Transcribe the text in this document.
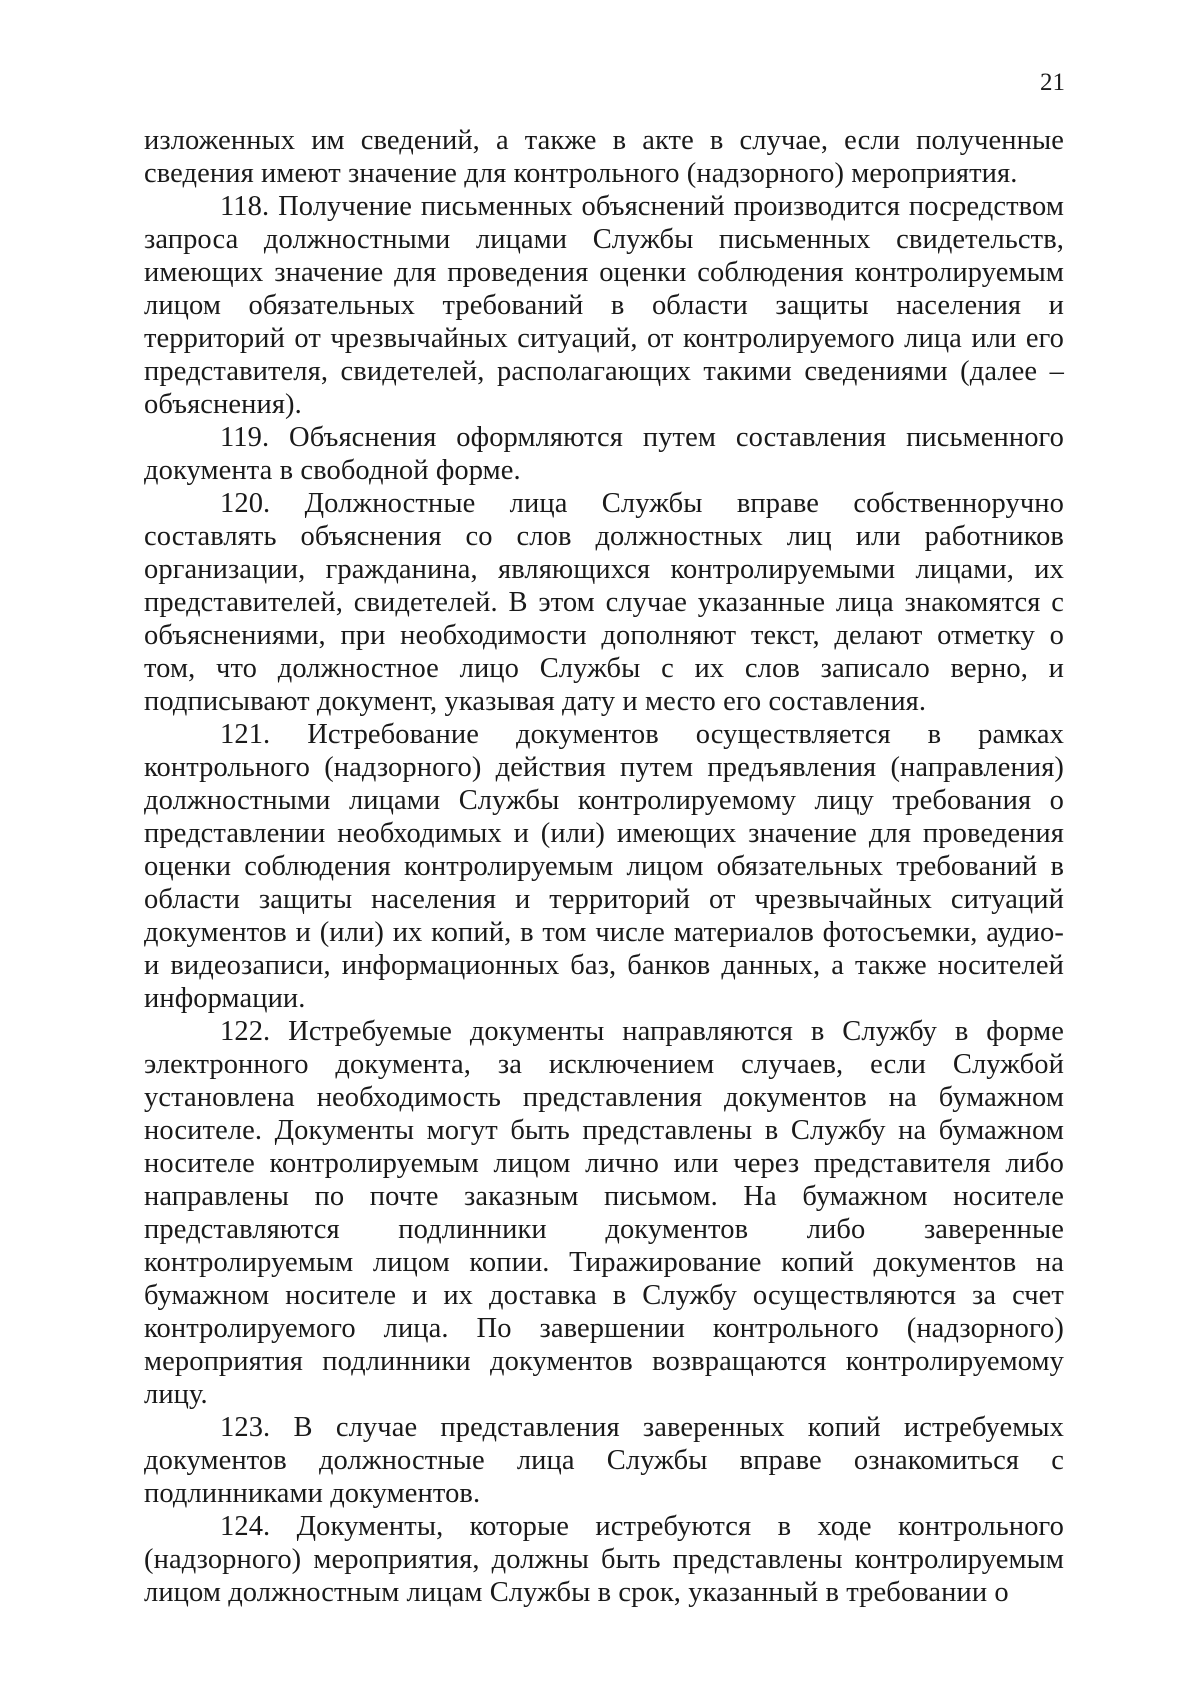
21

изложенных им сведений, а также в акте в случае, если полученные сведения имеют значение для контрольного (надзорного) мероприятия.

118. Получение письменных объяснений производится посредством запроса должностными лицами Службы письменных свидетельств, имеющих значение для проведения оценки соблюдения контролируемым лицом обязательных требований в области защиты населения и территорий от чрезвычайных ситуаций, от контролируемого лица или его представителя, свидетелей, располагающих такими сведениями (далее – объяснения).

119. Объяснения оформляются путем составления письменного документа в свободной форме.

120. Должностные лица Службы вправе собственноручно составлять объяснения со слов должностных лиц или работников организации, гражданина, являющихся контролируемыми лицами, их представителей, свидетелей. В этом случае указанные лица знакомятся с объяснениями, при необходимости дополняют текст, делают отметку о том, что должностное лицо Службы с их слов записало верно, и подписывают документ, указывая дату и место его составления.

121. Истребование документов осуществляется в рамках контрольного (надзорного) действия путем предъявления (направления) должностными лицами Службы контролируемому лицу требования о представлении необходимых и (или) имеющих значение для проведения оценки соблюдения контролируемым лицом обязательных требований в области защиты населения и территорий от чрезвычайных ситуаций документов и (или) их копий, в том числе материалов фотосъемки, аудио- и видеозаписи, информационных баз, банков данных, а также носителей информации.

122. Истребуемые документы направляются в Службу в форме электронного документа, за исключением случаев, если Службой установлена необходимость представления документов на бумажном носителе. Документы могут быть представлены в Службу на бумажном носителе контролируемым лицом лично или через представителя либо направлены по почте заказным письмом. На бумажном носителе представляются подлинники документов либо заверенные контролируемым лицом копии. Тиражирование копий документов на бумажном носителе и их доставка в Службу осуществляются за счет контролируемого лица. По завершении контрольного (надзорного) мероприятия подлинники документов возвращаются контролируемому лицу.

123. В случае представления заверенных копий истребуемых документов должностные лица Службы вправе ознакомиться с подлинниками документов.

124. Документы, которые истребуются в ходе контрольного (надзорного) мероприятия, должны быть представлены контролируемым лицом должностным лицам Службы в срок, указанный в требовании о
